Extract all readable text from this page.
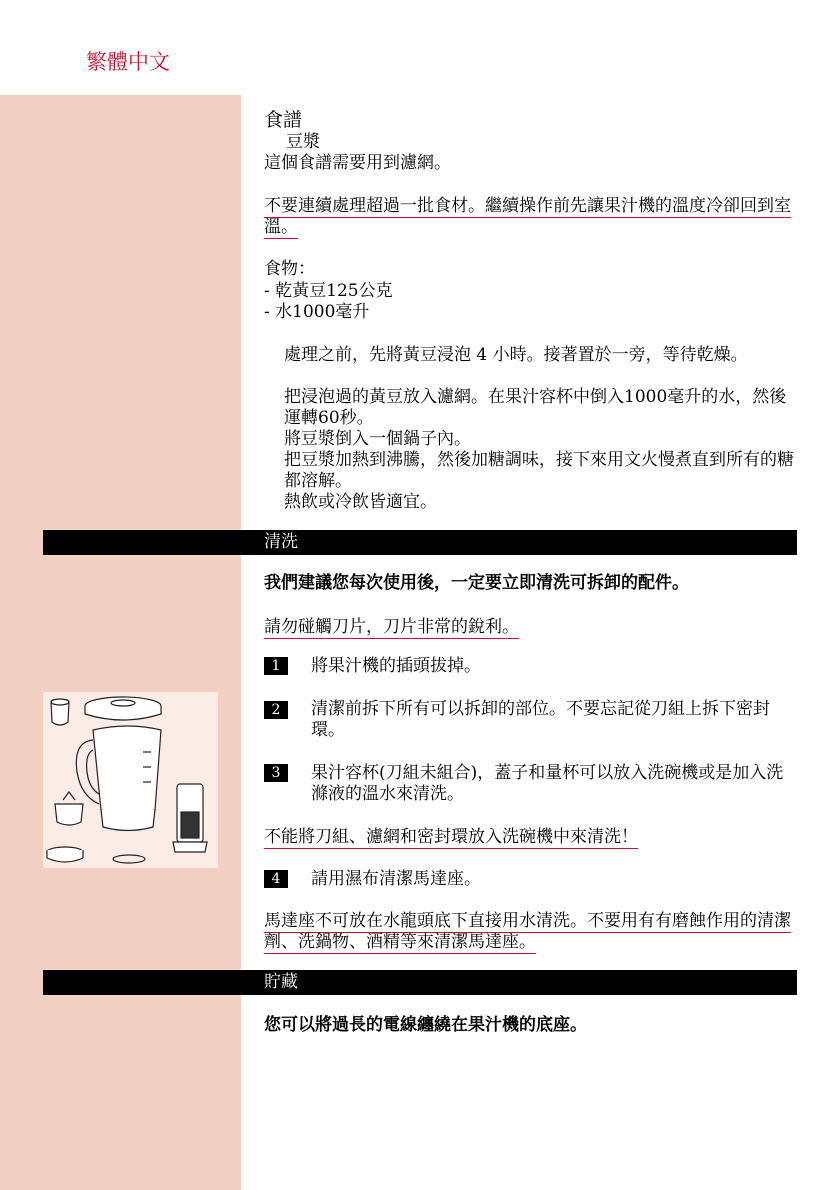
繁體中文
食譜
豆漿
這個食譜需要用到濾網。
不要連續處理超過一批食材。繼續操作前先讓果汁機的溫度冷卻回到室溫。
食物：
- 乾黃豆125公克
- 水1000毫升
處理之前，先將黃豆浸泡 4 小時。接著置於一旁，等待乾燥。
把浸泡過的黃豆放入濾網。在果汁容杯中倒入1000毫升的水，然後運轉60秒。
將豆漿倒入一個鍋子內。
把豆漿加熱到沸騰，然後加糖調味，接下來用文火慢煮直到所有的糖都溶解。
熱飲或冷飲皆適宜。
清洗
我們建議您每次使用後，一定要立即清洗可拆卸的配件。
請勿碰觸刀片，刀片非常的銳利。
1	將果汁機的插頭拔掉。
2	清潔前拆下所有可以拆卸的部位。不要忘記從刀組上拆下密封環。
3	果汁容杯(刀組未組合)，蓋子和量杯可以放入洗碗機或是加入洗滌液的溫水來清洗。
不能將刀組、濾網和密封環放入洗碗機中來清洗！
4	請用濕布清潔馬達座。
馬達座不可放在水龍頭底下直接用水清洗。不要用有有磨蝕作用的清潔劑、洗鍋物、酒精等來清潔馬達座。
貯藏
您可以將過長的電線纏繞在果汁機的底座。
